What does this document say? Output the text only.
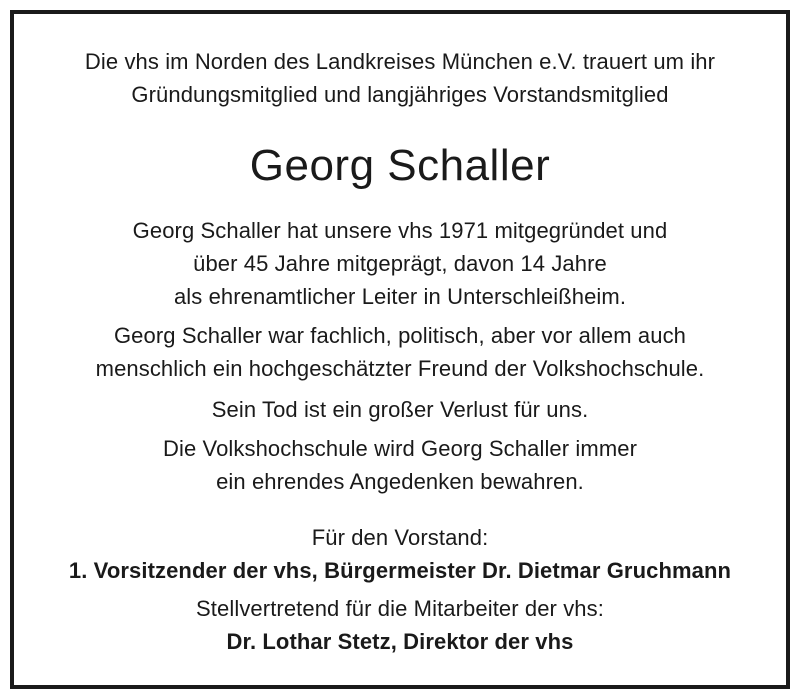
Die vhs im Norden des Landkreises München e.V. trauert um ihr
Gründungsmitglied und langjähriges Vorstandsmitglied
Georg Schaller
Georg Schaller hat unsere vhs 1971 mitgegründet und
über 45 Jahre mitgeprägt, davon 14 Jahre
als ehrenamtlicher Leiter in Unterschleißheim.
Georg Schaller war fachlich, politisch, aber vor allem auch
menschlich ein hochgeschätzter Freund der Volkshochschule.
Sein Tod ist ein großer Verlust für uns.
Die Volkshochschule wird Georg Schaller immer
ein ehrendes Angedenken bewahren.
Für den Vorstand:
1. Vorsitzender der vhs, Bürgermeister Dr. Dietmar Gruchmann
Stellvertretend für die Mitarbeiter der vhs:
Dr. Lothar Stetz, Direktor der vhs
